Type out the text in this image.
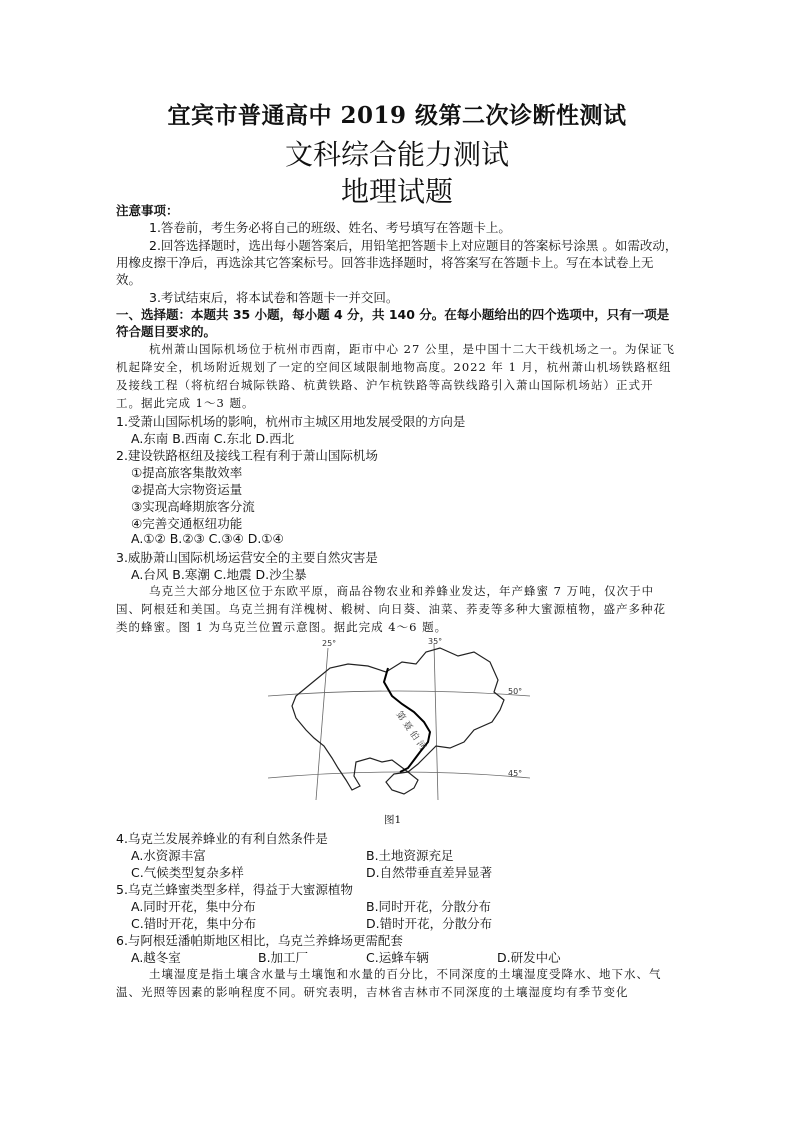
宜宾市普通高中 2019 级第二次诊断性测试
文科综合能力测试
地理试题
注意事项：
1.答卷前，考生务必将自己的班级、姓名、考号填写在答题卡上。
2.回答选择题时，选出每小题答案后，用铅笔把答题卡上对应题目的答案标号涂黑 。如需改动，用橡皮擦干净后，再选涂其它答案标号。回答非选择题时，将答案写在答题卡上。写在本试卷上无效。
3.考试结束后，将本试卷和答题卡一并交回。
一、选择题：本题共 35 小题，每小题 4 分，共 140 分。在每小题给出的四个选项中，只有一项是符合题目要求的。
杭州萧山国际机场位于杭州市西南，距市中心 27 公里，是中国十二大干线机场之一。为保证飞机起降安全，机场附近规划了一定的空间区域限制地物高度。2022 年 1 月，杭州萧山机场铁路枢纽及接线工程（将杭绍台城际铁路、杭黄铁路、沪乍杭铁路等高铁线路引入萧山国际机场站）正式开工。据此完成 1～3 题。
1.受萧山国际机场的影响，杭州市主城区用地发展受限的方向是
A.东南 B.西南 C.东北 D.西北
2.建设铁路枢纽及接线工程有利于萧山国际机场
①提高旅客集散效率
②提高大宗物资运量
③实现高峰期旅客分流
④完善交通枢纽功能
A.①② B.②③ C.③④ D.①④
3.威胁萧山国际机场运营安全的主要自然灾害是
A.台风 B.寒潮 C.地震 D.沙尘暴
乌克兰大部分地区位于东欧平原，商品谷物农业和养蜂业发达，年产蜂蜜 7 万吨，仅次于中国、阿根廷和美国。乌克兰拥有洋槐树、椴树、向日葵、油菜、荞麦等多种大蜜源植物，盛产多种花类的蜂蜜。图 1 为乌克兰位置示意图。据此完成 4～6 题。
第 聂 伯 河
25°	35°
50°
45°
图1
4.乌克兰发展养蜂业的有利自然条件是
A.水资源丰富	B.土地资源充足
C.气候类型复杂多样	D.自然带垂直差异显著
5.乌克兰蜂蜜类型多样，得益于大蜜源植物
A.同时开花，集中分布	B.同时开花，分散分布
C.错时开花，集中分布	D.错时开花，分散分布
6.与阿根廷潘帕斯地区相比，乌克兰养蜂场更需配套
A.越冬室	B.加工厂	C.运蜂车辆	D.研发中心
土壤湿度是指土壤含水量与土壤饱和水量的百分比，不同深度的土壤湿度受降水、地下水、气温、光照等因素的影响程度不同。研究表明，吉林省吉林市不同深度的土壤湿度均有季节变化
